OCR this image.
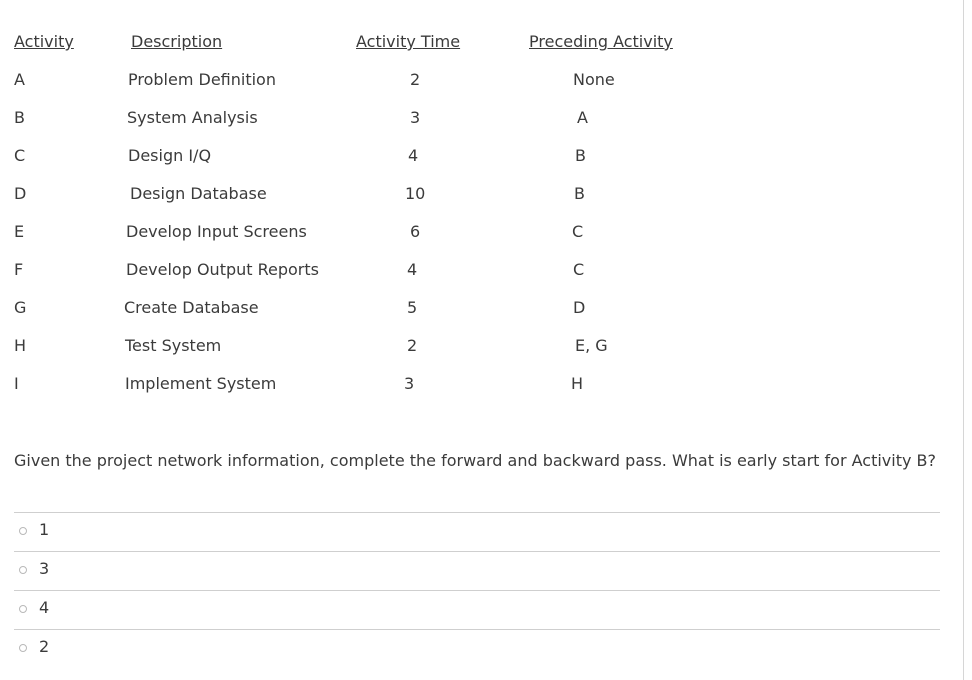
Activity	Description	Activity Time	Preceding Activity
A	Problem Definition	2	None
B	System Analysis	3	A
C	Design I/Q	4	B
D	Design Database	10	B
E	Develop Input Screens	6	C
F	Develop Output Reports	4	C
G	Create Database	5	D
H	Test System	2	E, G
I	Implement System	3	H
Given the project network information, complete the forward and backward pass. What is early start for Activity B?
1
3
4
2
